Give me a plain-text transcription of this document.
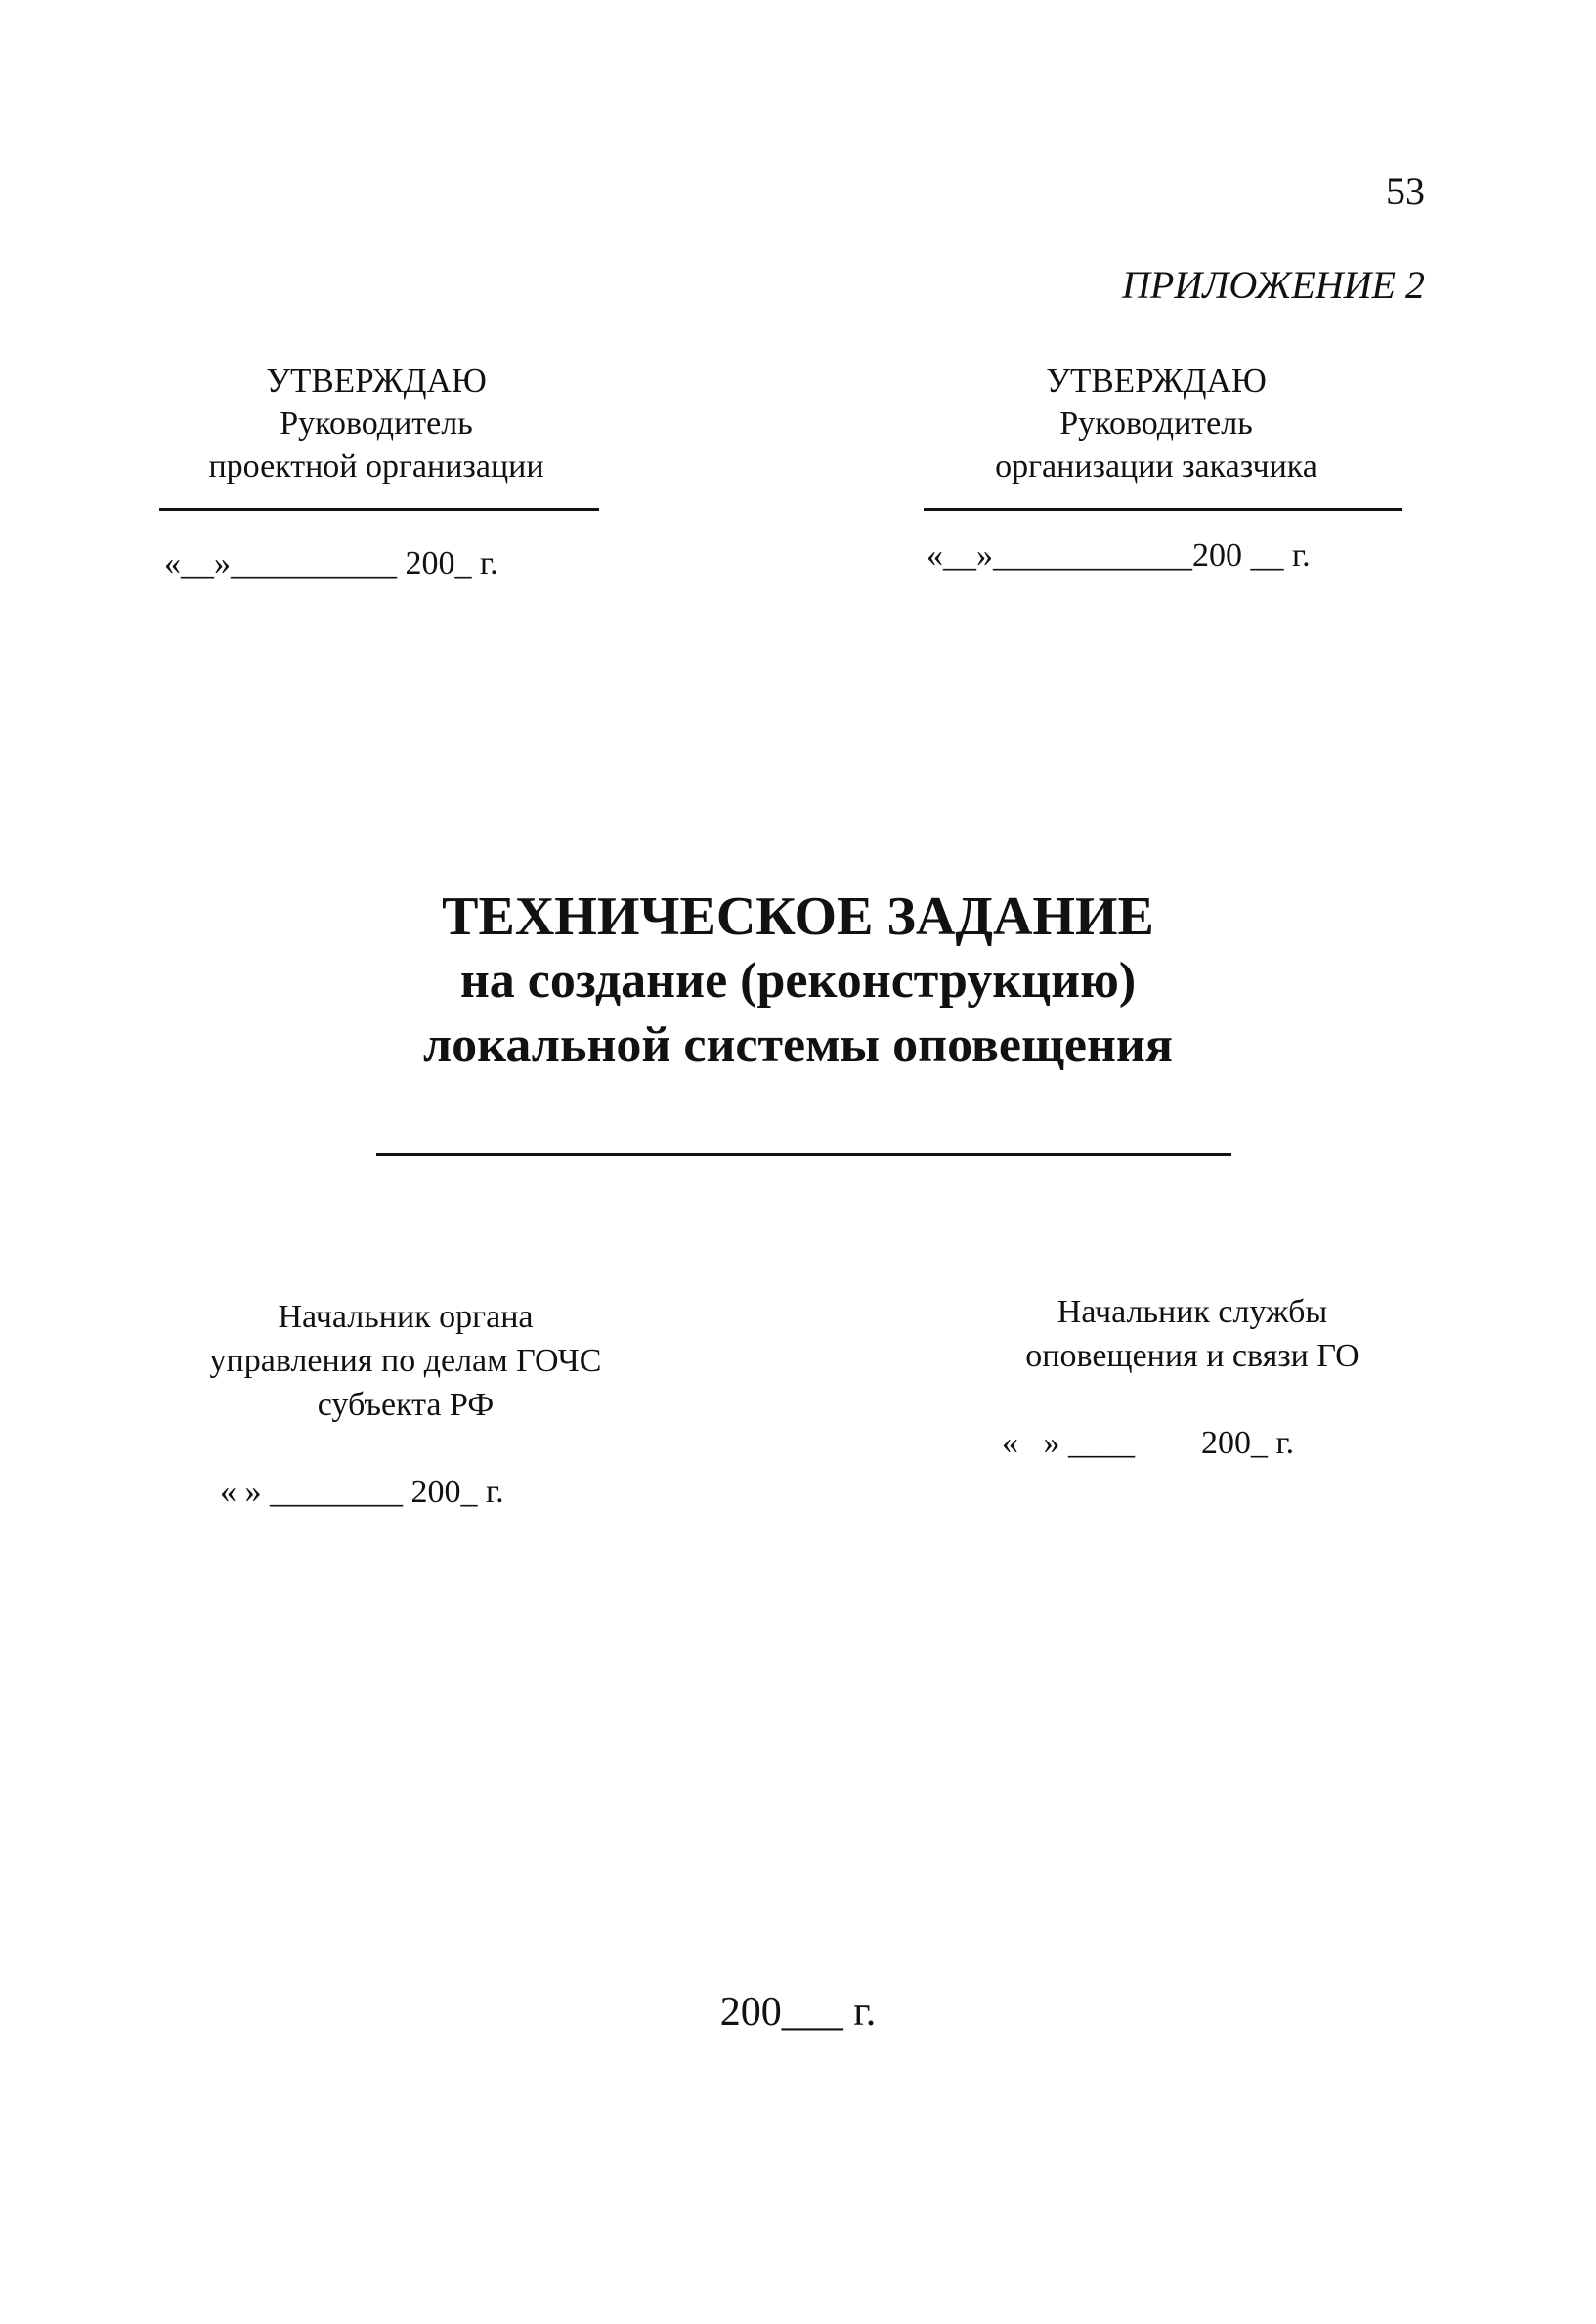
53
ПРИЛОЖЕНИЕ 2
УТВЕРЖДАЮ
Руководитель
проектной организации
«__»__________ 200_ г.
УТВЕРЖДАЮ
Руководитель
организации заказчика
«__»____________200 __ г.
ТЕХНИЧЕСКОЕ ЗАДАНИЕ
на создание (реконструкцию)
локальной системы оповещения
Начальник органа
управления по делам ГОЧС
субъекта РФ
« » ________ 200_ г.
Начальник службы
оповещения и связи ГО
«   » ____        200_ г.
200___ г.
